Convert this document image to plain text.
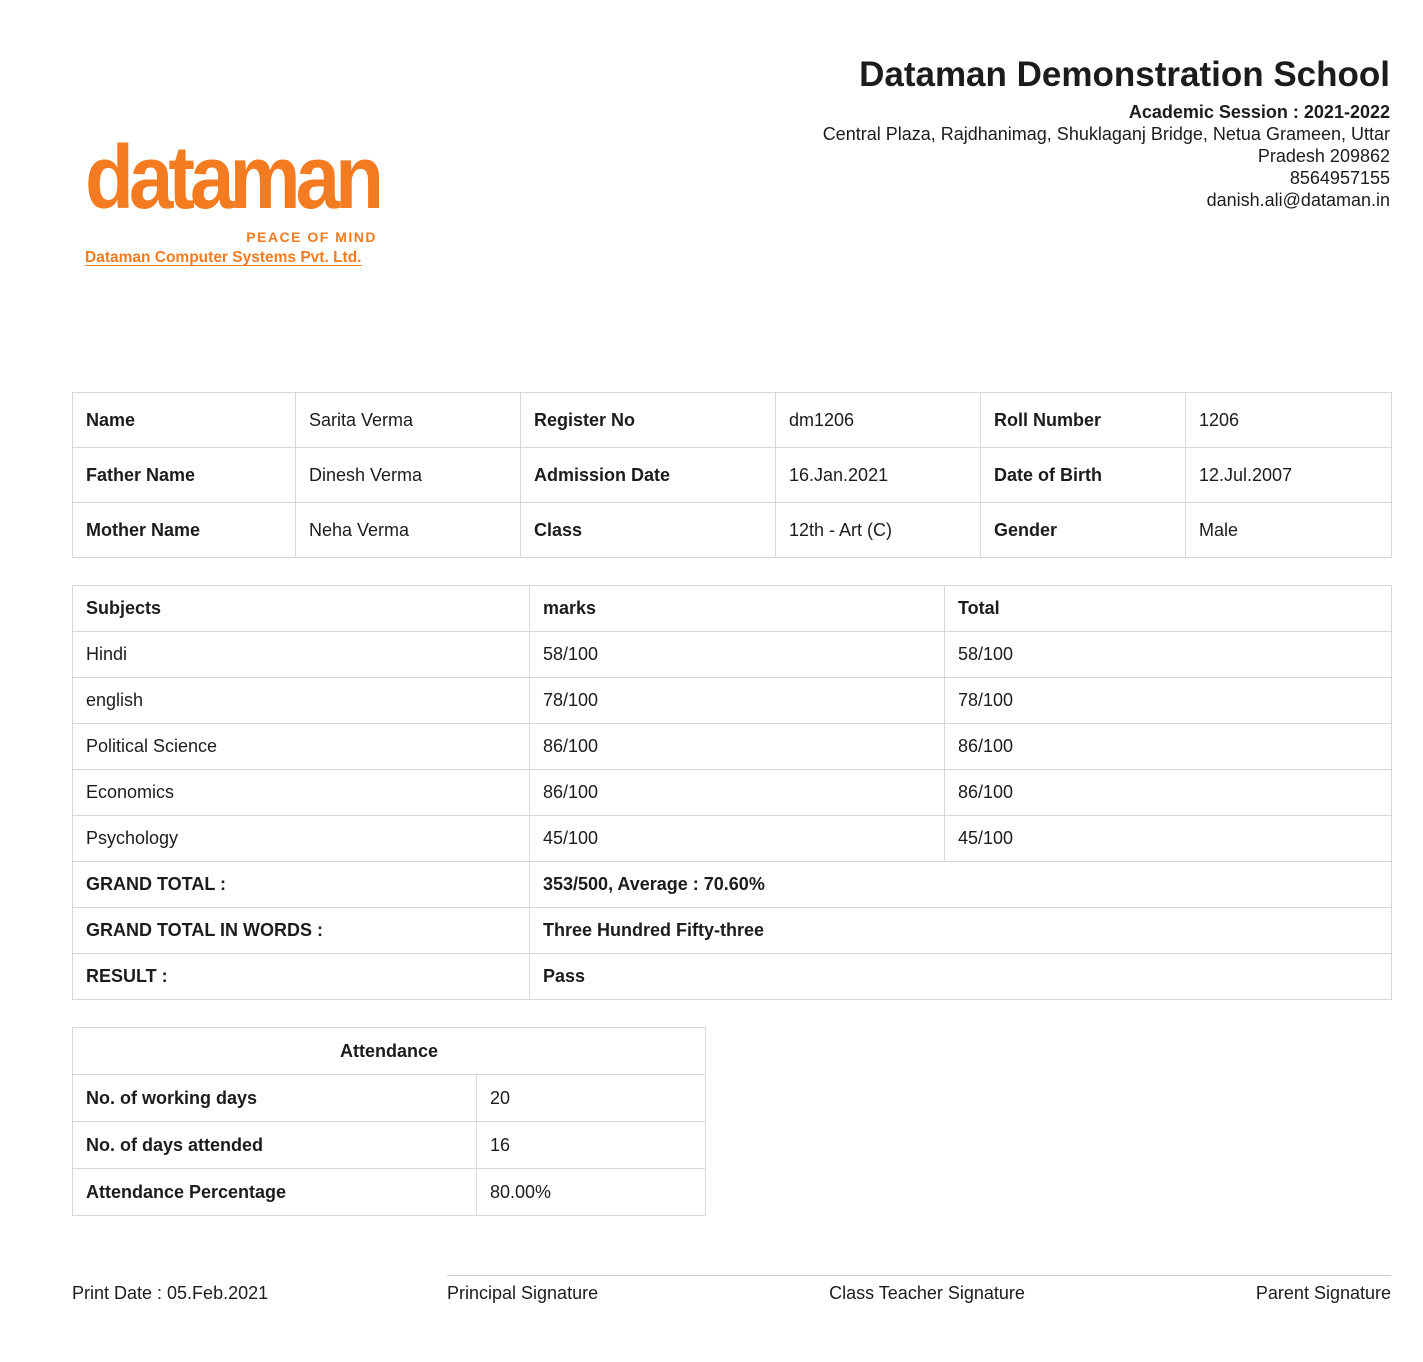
Dataman Demonstration School
Academic Session : 2021-2022
Central Plaza, Rajdhanimag, Shuklaganj Bridge, Netua Grameen, Uttar
Pradesh 209862
8564957155
danish.ali@dataman.in
dataman
PEACE OF MIND
Dataman Computer Systems Pvt. Ltd.
Name	Sarita Verma	Register No	dm1206	Roll Number	1206
Father Name	Dinesh Verma	Admission Date	16.Jan.2021	Date of Birth	12.Jul.2007
Mother Name	Neha Verma	Class	12th - Art (C)	Gender	Male
Subjects	marks	Total
Hindi	58/100	58/100
english	78/100	78/100
Political Science	86/100	86/100
Economics	86/100	86/100
Psychology	45/100	45/100
GRAND TOTAL :	353/500, Average : 70.60%	
GRAND TOTAL IN WORDS :	Three Hundred Fifty-three	
RESULT :	Pass	
Attendance	
No. of working days	20
No. of days attended	16
Attendance Percentage	80.00%
Print Date : 05.Feb.2021	Principal Signature	Class Teacher Signature	Parent Signature
